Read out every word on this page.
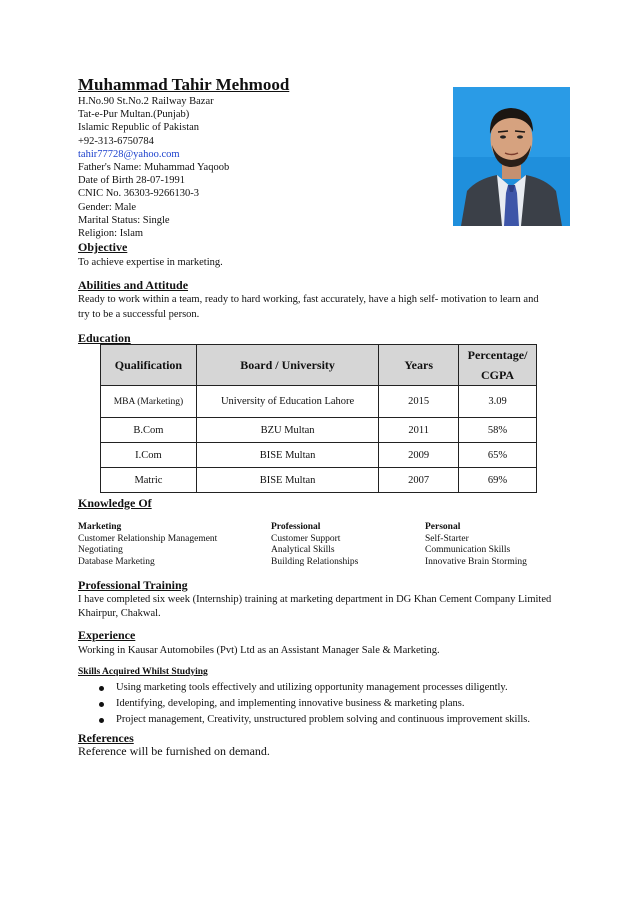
Muhammad Tahir Mehmood
H.No.90 St.No.2 Railway Bazar
Tat-e-Pur Multan.(Punjab)
Islamic Republic of Pakistan
+92-313-6750784
tahir77728@yahoo.com
Father's Name: Muhammad Yaqoob
Date of Birth 28-07-1991
CNIC No. 36303-9266130-3
Gender: Male
Marital Status: Single
Religion: Islam
Objective
To achieve expertise in marketing.
Abilities and Attitude
Ready to work within a team, ready to hard working, fast accurately, have a high self- motivation to learn and
try to be a successful person.
Education
Qualification	Board / University	Years	Percentage/
CGPA

MBA (Marketing)	University of Education Lahore	2015	3.09
B.Com	BZU Multan	2011	58%
I.Com	BISE Multan	2009	65%
Matric	BISE Multan	2007	69%
Knowledge Of
Marketing
Customer Relationship Management
Negotiating
Database Marketing
Professional
Customer Support
Analytical Skills
Building Relationships
Personal
Self-Starter
Communication Skills
Innovative Brain Storming
Professional Training
I have completed six week (Internship) training at marketing department in DG Khan Cement Company Limited
Khairpur, Chakwal.
Experience
Working in Kausar Automobiles (Pvt) Ltd as an Assistant Manager Sale & Marketing.
Skills Acquired Whilst Studying
Using marketing tools effectively and utilizing opportunity management processes diligently.
Identifying, developing, and implementing innovative business & marketing plans.
Project management, Creativity, unstructured problem solving and continuous improvement skills.
References
Reference will be furnished on demand.
